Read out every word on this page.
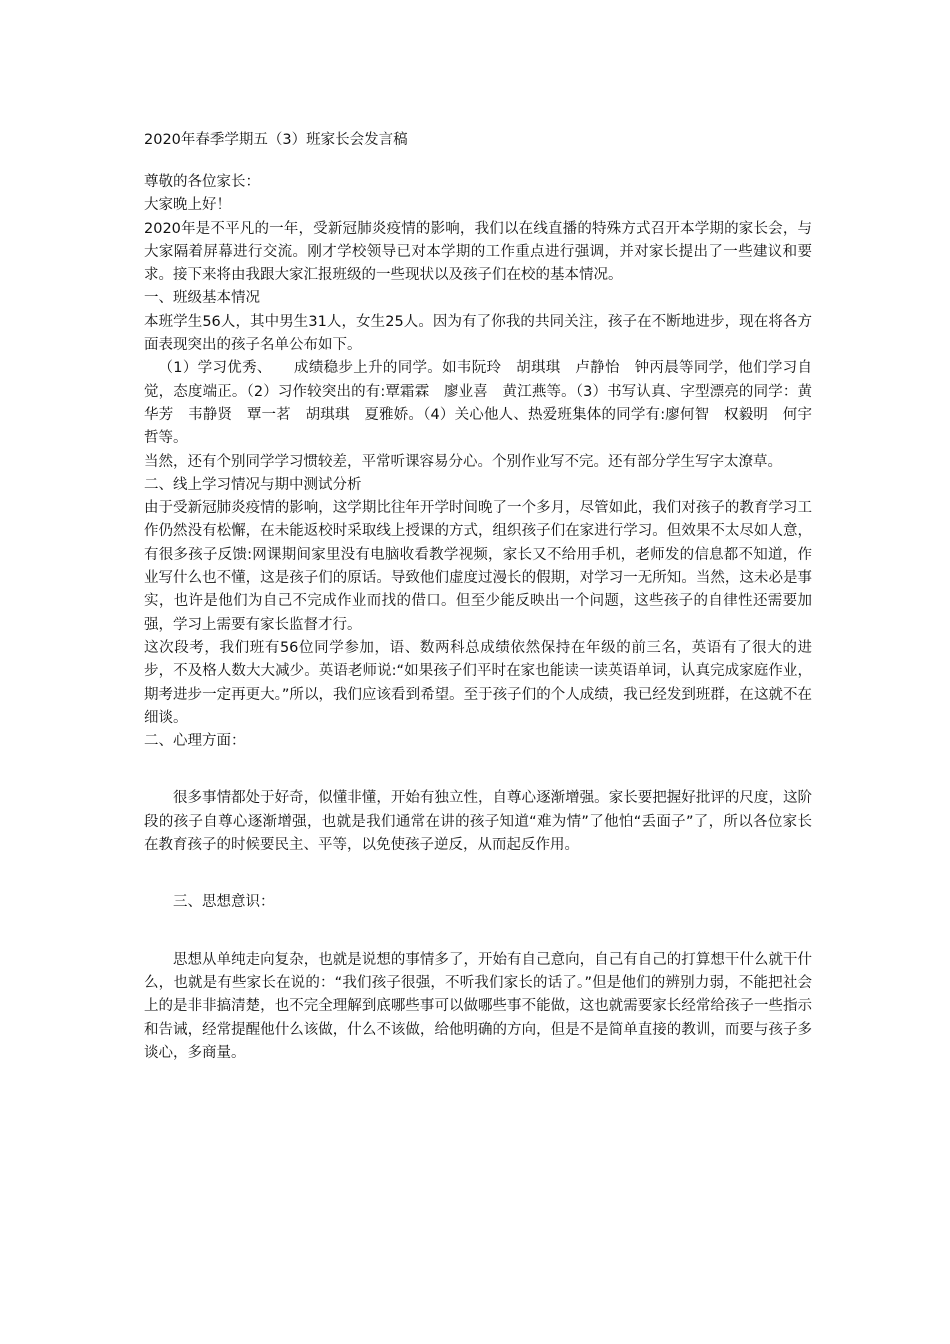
2020年春季学期五（3）班家长会发言稿

尊敬的各位家长：

大家晚上好！

2020年是不平凡的一年，受新冠肺炎疫情的影响，我们以在线直播的特殊方式召开本学期的家长会，与大家隔着屏幕进行交流。刚才学校领导已对本学期的工作重点进行强调，并对家长提出了一些建议和要求。接下来将由我跟大家汇报班级的一些现状以及孩子们在校的基本情况。

一、班级基本情况

本班学生56人，其中男生31人，女生25人。因为有了你我的共同关注，孩子在不断地进步，现在将各方面表现突出的孩子名单公布如下。

（1）学习优秀、　　成绩稳步上升的同学。如韦阮玲　胡琪琪　卢静怡　钟丙晨等同学，他们学习自觉，态度端正。（2）习作较突出的有:覃霜霖　廖业喜　黄江燕等。（3）书写认真、字型漂亮的同学：黄华芳　韦静贤　覃一茗　胡琪琪　夏雅娇。（4）关心他人、热爱班集体的同学有:廖何智　权毅明　何宇哲等。

当然，还有个别同学学习惯较差，平常听课容易分心。个别作业写不完。还有部分学生写字太潦草。

二、线上学习情况与期中测试分析

由于受新冠肺炎疫情的影响，这学期比往年开学时间晚了一个多月，尽管如此，我们对孩子的教育学习工作仍然没有松懈，在未能返校时采取线上授课的方式，组织孩子们在家进行学习。但效果不太尽如人意，有很多孩子反馈:网课期间家里没有电脑收看教学视频，家长又不给用手机，老师发的信息都不知道，作业写什么也不懂，这是孩子们的原话。导致他们虚度过漫长的假期，对学习一无所知。当然，这未必是事实，也许是他们为自己不完成作业而找的借口。但至少能反映出一个问题，这些孩子的自律性还需要加强，学习上需要有家长监督才行。

这次段考，我们班有56位同学参加，语、数两科总成绩依然保持在年级的前三名，英语有了很大的进步，不及格人数大大减少。英语老师说:“如果孩子们平时在家也能读一读英语单词，认真完成家庭作业，期考进步一定再更大。”所以，我们应该看到希望。至于孩子们的个人成绩，我已经发到班群，在这就不在细谈。

二、心理方面：

很多事情都处于好奇，似懂非懂，开始有独立性，自尊心逐渐增强。家长要把握好批评的尺度，这阶段的孩子自尊心逐渐增强，也就是我们通常在讲的孩子知道“难为情”了他怕“丢面子”了，所以各位家长在教育孩子的时候要民主、平等，以免使孩子逆反，从而起反作用。

三、思想意识：

思想从单纯走向复杂，也就是说想的事情多了，开始有自己意向，自己有自己的打算想干什么就干什么，也就是有些家长在说的：“我们孩子很强，不听我们家长的话了。”但是他们的辨别力弱，不能把社会上的是非非搞清楚，也不完全理解到底哪些事可以做哪些事不能做，这也就需要家长经常给孩子一些指示和告诫，经常提醒他什么该做，什么不该做，给他明确的方向，但是不是简单直接的教训，而要与孩子多谈心，多商量。
